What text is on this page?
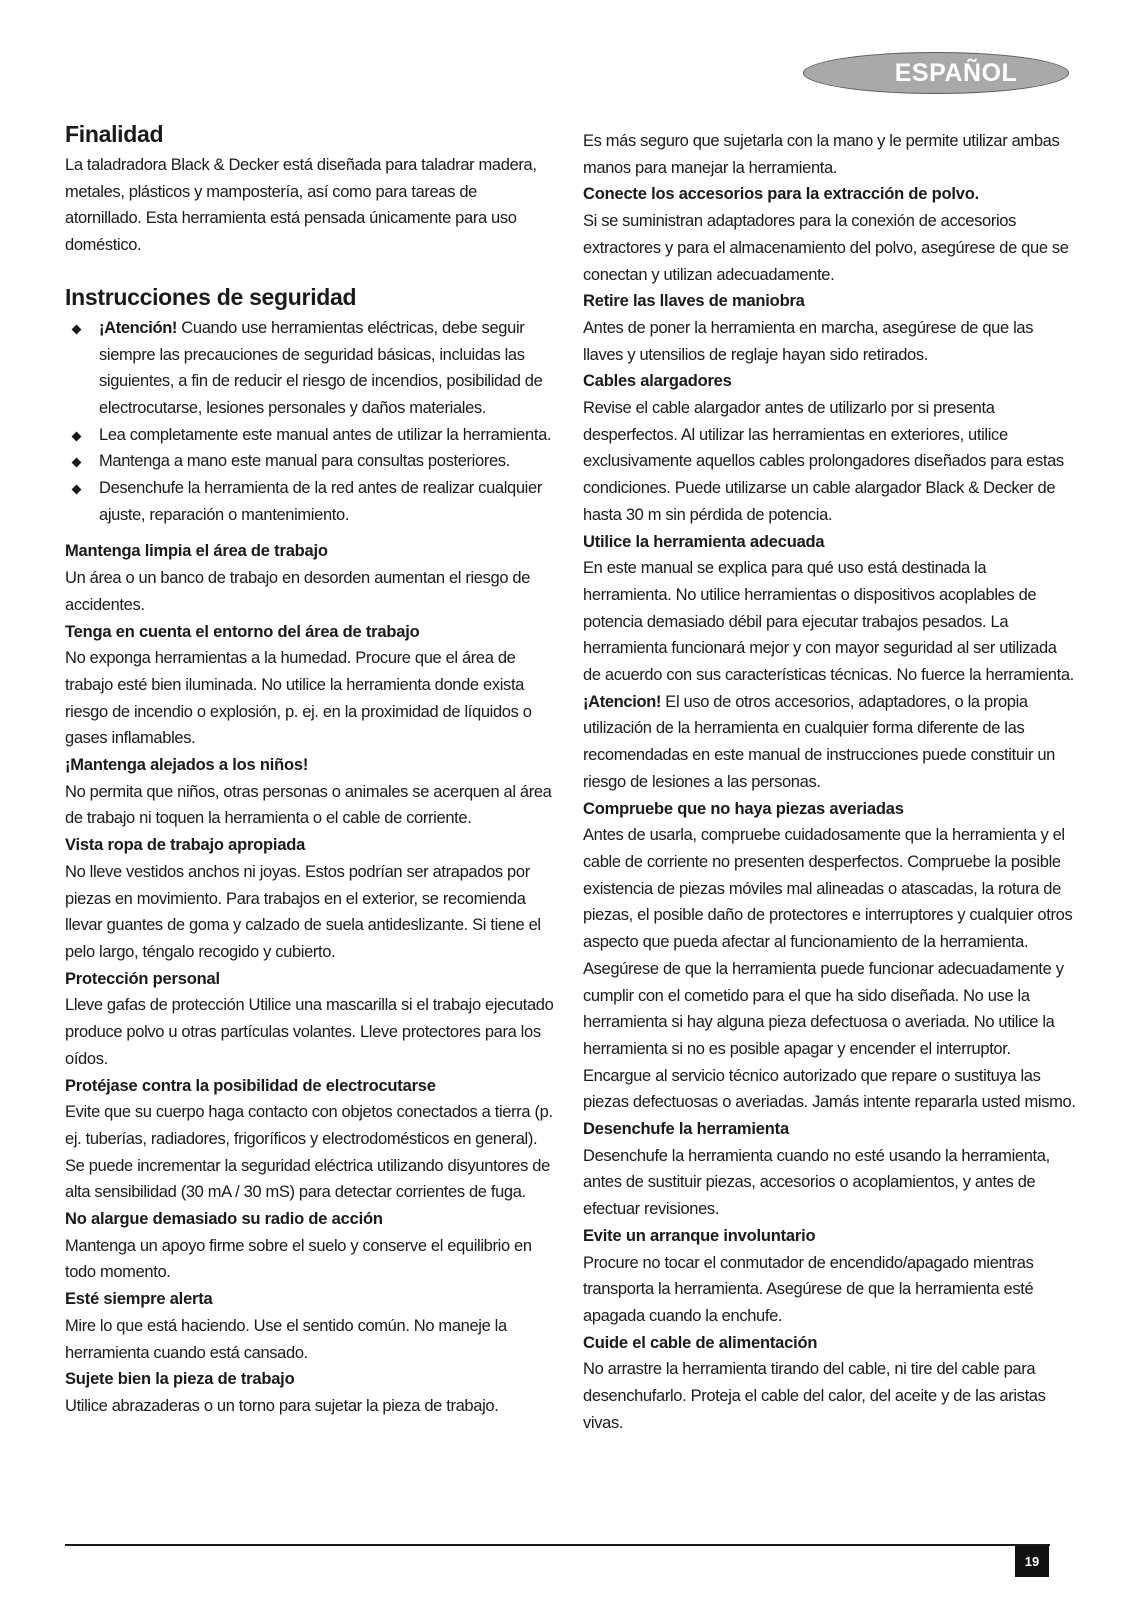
ESPAÑOL
Finalidad

La taladradora Black & Decker está diseñada para taladrar madera, metales, plásticos y mampostería, así como para tareas de atornillado. Esta herramienta está pensada únicamente para uso doméstico.

Instrucciones de seguridad
¡Atención! Cuando use herramientas eléctricas, debe seguir siempre las precauciones de seguridad básicas, incluidas las siguientes, a fin de reducir el riesgo de incendios, posibilidad de electrocutarse, lesiones personales y daños materiales.
Lea completamente este manual antes de utilizar la herramienta.
Mantenga a mano este manual para consultas posteriores.
Desenchufe la herramienta de la red antes de realizar cualquier ajuste, reparación o mantenimiento.
Mantenga limpia el área de trabajo

Un área o un banco de trabajo en desorden aumentan el riesgo de accidentes.

Tenga en cuenta el entorno del área de trabajo

No exponga herramientas a la humedad. Procure que el área de trabajo esté bien iluminada. No utilice la herramienta donde exista riesgo de incendio o explosión, p. ej. en la proximidad de líquidos o gases inflamables.

¡Mantenga alejados a los niños!

No permita que niños, otras personas o animales se acerquen al área de trabajo ni toquen la herramienta o el cable de corriente.

Vista ropa de trabajo apropiada

No lleve vestidos anchos ni joyas. Estos podrían ser atrapados por piezas en movimiento. Para trabajos en el exterior, se recomienda llevar guantes de goma y calzado de suela antideslizante. Si tiene el pelo largo, téngalo recogido y cubierto.

Protección personal

Lleve gafas de protección Utilice una mascarilla si el trabajo ejecutado produce polvo u otras partículas volantes. Lleve protectores para los oídos.

Protéjase contra la posibilidad de electrocutarse

Evite que su cuerpo haga contacto con objetos conectados a tierra (p. ej. tuberías, radiadores, frigoríficos y electrodomésticos en general). Se puede incrementar la seguridad eléctrica utilizando disyuntores de alta sensibilidad (30 mA / 30 mS) para detectar corrientes de fuga.

No alargue demasiado su radio de acción

Mantenga un apoyo firme sobre el suelo y conserve el equilibrio en todo momento.

Esté siempre alerta

Mire lo que está haciendo. Use el sentido común. No maneje la herramienta cuando está cansado.

Sujete bien la pieza de trabajo

Utilice abrazaderas o un torno para sujetar la pieza de trabajo.

Es más seguro que sujetarla con la mano y le permite utilizar ambas manos para manejar la herramienta.

Conecte los accesorios para la extracción de polvo.

Si se suministran adaptadores para la conexión de accesorios extractores y para el almacenamiento del polvo, asegúrese de que se conectan y utilizan adecuadamente.

Retire las llaves de maniobra

Antes de poner la herramienta en marcha, asegúrese de que las llaves y utensilios de reglaje hayan sido retirados.

Cables alargadores

Revise el cable alargador antes de utilizarlo por si presenta desperfectos. Al utilizar las herramientas en exteriores, utilice exclusivamente aquellos cables prolongadores diseñados para estas condiciones. Puede utilizarse un cable alargador Black & Decker de hasta 30 m sin pérdida de potencia.

Utilice la herramienta adecuada

En este manual se explica para qué uso está destinada la herramienta. No utilice herramientas o dispositivos acoplables de potencia demasiado débil para ejecutar trabajos pesados. La herramienta funcionará mejor y con mayor seguridad al ser utilizada de acuerdo con sus características técnicas. No fuerce la herramienta.

¡Atencion! El uso de otros accesorios, adaptadores, o la propia utilización de la herramienta en cualquier forma diferente de las recomendadas en este manual de instrucciones puede constituir un riesgo de lesiones a las personas.

Compruebe que no haya piezas averiadas

Antes de usarla, compruebe cuidadosamente que la herramienta y el cable de corriente no presenten desperfectos. Compruebe la posible existencia de piezas móviles mal alineadas o atascadas, la rotura de piezas, el posible daño de protectores e interruptores y cualquier otros aspecto que pueda afectar al funcionamiento de la herramienta. Asegúrese de que la herramienta puede funcionar adecuadamente y cumplir con el cometido para el que ha sido diseñada. No use la herramienta si hay alguna pieza defectuosa o averiada. No utilice la herramienta si no es posible apagar y encender el interruptor. Encargue al servicio técnico autorizado que repare o sustituya las piezas defectuosas o averiadas. Jamás intente repararla usted mismo.

Desenchufe la herramienta

Desenchufe la herramienta cuando no esté usando la herramienta, antes de sustituir piezas, accesorios o acoplamientos, y antes de efectuar revisiones.

Evite un arranque involuntario

Procure no tocar el conmutador de encendido/apagado mientras transporta la herramienta. Asegúrese de que la herramienta esté apagada cuando la enchufe.

Cuide el cable de alimentación

No arrastre la herramienta tirando del cable, ni tire del cable para desenchufarlo. Proteja el cable del calor, del aceite y de las aristas vivas.

19
